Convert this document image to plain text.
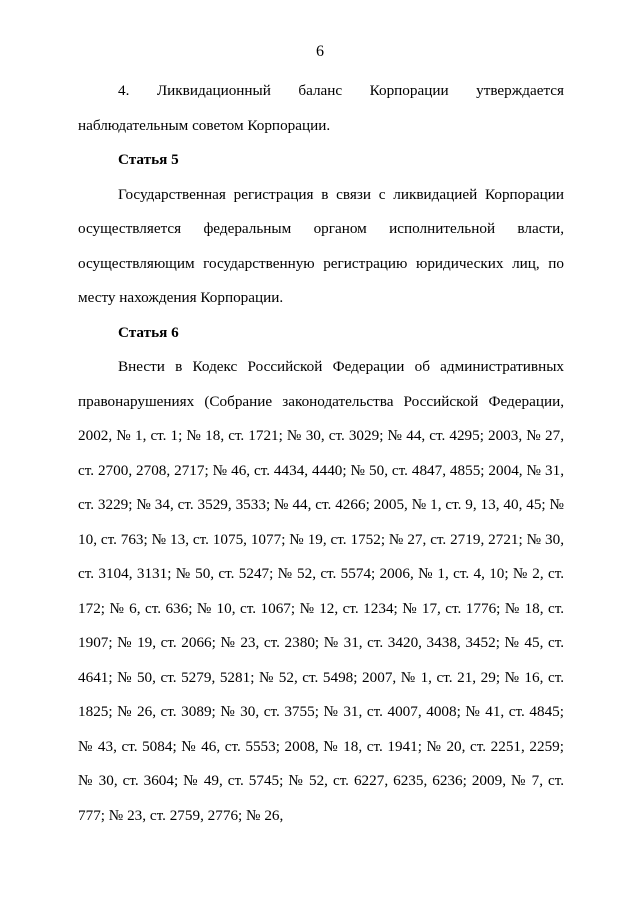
6

4. Ликвидационный баланс Корпорации утверждается наблюдательным советом Корпорации.

Статья 5

Государственная регистрация в связи с ликвидацией Корпорации осуществляется федеральным органом исполнительной власти, осуществляющим государственную регистрацию юридических лиц, по месту нахождения Корпорации.

Статья 6

Внести в Кодекс Российской Федерации об административных правонарушениях (Собрание законодательства Российской Федерации, 2002, № 1, ст. 1; № 18, ст. 1721; № 30, ст. 3029; № 44, ст. 4295; 2003, № 27, ст. 2700, 2708, 2717; № 46, ст. 4434, 4440; № 50, ст. 4847, 4855; 2004, № 31, ст. 3229; № 34, ст. 3529, 3533; № 44, ст. 4266; 2005, № 1, ст. 9, 13, 40, 45; № 10, ст. 763; № 13, ст. 1075, 1077; № 19, ст. 1752; № 27, ст. 2719, 2721; № 30, ст. 3104, 3131; № 50, ст. 5247; № 52, ст. 5574; 2006, № 1, ст. 4, 10; № 2, ст. 172; № 6, ст. 636; № 10, ст. 1067; № 12, ст. 1234; № 17, ст. 1776; № 18, ст. 1907; № 19, ст. 2066; № 23, ст. 2380; № 31, ст. 3420, 3438, 3452; № 45, ст. 4641; № 50, ст. 5279, 5281; № 52, ст. 5498; 2007, № 1, ст. 21, 29; № 16, ст. 1825; № 26, ст. 3089; № 30, ст. 3755; № 31, ст. 4007, 4008; № 41, ст. 4845; № 43, ст. 5084; № 46, ст. 5553; 2008, № 18, ст. 1941; № 20, ст. 2251, 2259; № 30, ст. 3604; № 49, ст. 5745; № 52, ст. 6227, 6235, 6236; 2009, № 7, ст. 777; № 23, ст. 2759, 2776; № 26,
